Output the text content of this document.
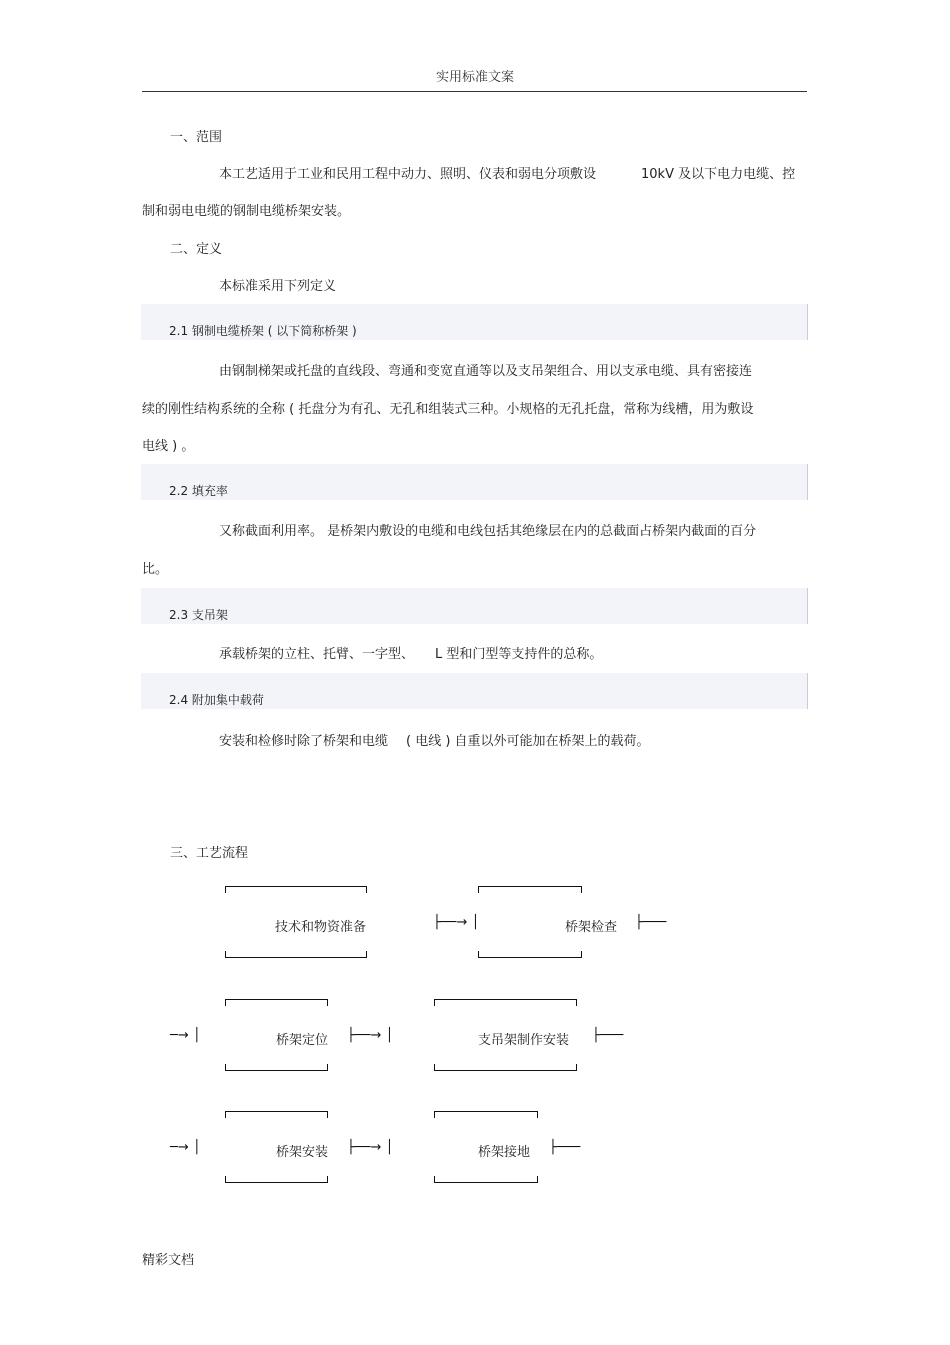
实用标准文案
一、范围
本工艺适用于工业和民用工程中动力、照明、仪表和弱电分项敷设	10kV 及以下电力电缆、控
制和弱电电缆的钢制电缆桥架安装。
二、定义
本标准采用下列定义
2.1 钢制电缆桥架 ( 以下简称桥架 )
由钢制梯架或托盘的直线段、弯通和变宽直通等以及支吊架组合、用以支承电缆、具有密接连
续的刚性结构系统的全称 ( 托盘分为有孔、无孔和组装式三种。小规格的无孔托盘，常称为线槽，用为敷设
电线 ) 。
2.2 填充率
又称截面利用率。 是桥架内敷设的电缆和电线包括其绝缘层在内的总截面占桥架内截面的百分
比。
2.3 支吊架
承载桥架的立柱、托臂、一字型、 L 型和门型等支持件的总称。
2.4 附加集中载荷
安装和检修时除了桥架和电缆 ( 电线 ) 自重以外可能加在桥架上的载荷。
三、工艺流程
技术和物资准备	├──→ │	桥架检查 ├───
─→ │	桥架定位 ├──→ │	支吊架制作安装 ├───
─→ │	桥架安装 ├──→ │	桥架接地 ├───
精彩文档
